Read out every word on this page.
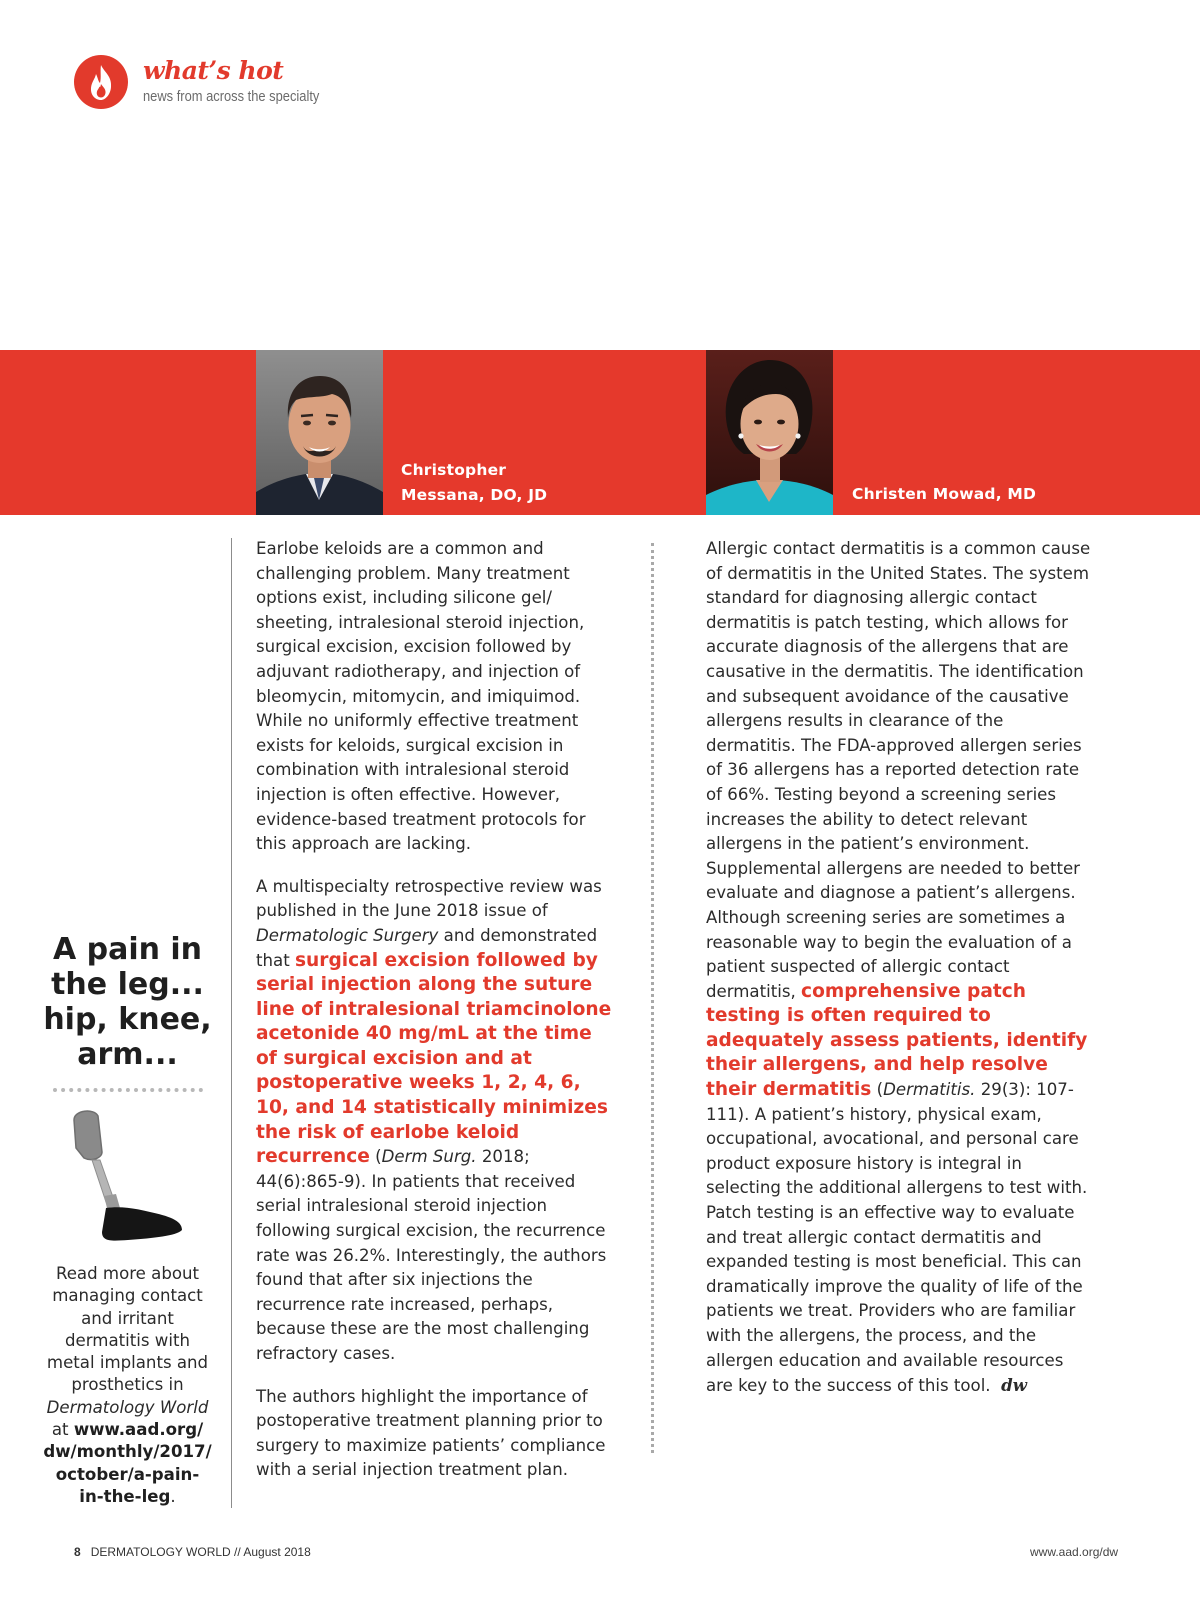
what’s hot
news from across the specialty
Christopher
Messana, DO, JD	Christen Mowad, MD
A pain in
the leg...
hip, knee,
arm...
Read more about managing contact and irritant dermatitis with metal implants and prosthetics in Dermatology World at www.aad.org/
dw/monthly/2017/
october/a-pain-
in-the-leg.

Earlobe keloids are a common and challenging problem. Many treatment options exist, including silicone gel/ sheeting, intralesional steroid injection, surgical excision, excision followed by adjuvant radiotherapy, and injection of bleomycin, mitomycin, and imiquimod. While no uniformly effective treatment exists for keloids, surgical excision in combination with intralesional steroid injection is often effective. However, evidence-based treatment protocols for this approach are lacking.

A multispecialty retrospective review was published in the June 2018 issue of Dermatologic Surgery and demonstrated that surgical excision followed by serial injection along the suture line of intralesional triamcinolone acetonide 40 mg/mL at the time of surgical excision and at postoperative weeks 1, 2, 4, 6, 10, and 14 statistically minimizes the risk of earlobe keloid recurrence (Derm Surg. 2018; 44(6):865-9). In patients that received serial intralesional steroid injection following surgical excision, the recurrence rate was 26.2%. Interestingly, the authors found that after six injections the recurrence rate increased, perhaps, because these are the most challenging refractory cases.

The authors highlight the importance of postoperative treatment planning prior to surgery to maximize patients’ compliance with a serial injection treatment plan.

Allergic contact dermatitis is a common cause of dermatitis in the United States. The system standard for diagnosing allergic contact dermatitis is patch testing, which allows for accurate diagnosis of the allergens that are causative in the dermatitis. The identification and subsequent avoidance of the causative allergens results in clearance of the dermatitis. The FDA-approved allergen series of 36 allergens has a reported detection rate of 66%. Testing beyond a screening series increases the ability to detect relevant allergens in the patient’s environment. Supplemental allergens are needed to better evaluate and diagnose a patient’s allergens. Although screening series are sometimes a reasonable way to begin the evaluation of a patient suspected of allergic contact dermatitis, comprehensive patch testing is often required to adequately assess patients, identify their allergens, and help resolve their dermatitis (Dermatitis. 29(3): 107-111). A patient’s history, physical exam, occupational, avocational, and personal care product exposure history is integral in selecting the additional allergens to test with. Patch testing is an effective way to evaluate and treat allergic contact dermatitis and expanded testing is most beneficial. This can dramatically improve the quality of life of the patients we treat. Providers who are familiar with the allergens, the process, and the allergen education and available resources are key to the success of this tool. dw

8 DERMATOLOGY WORLD // August 2018	www.aad.org/dw
